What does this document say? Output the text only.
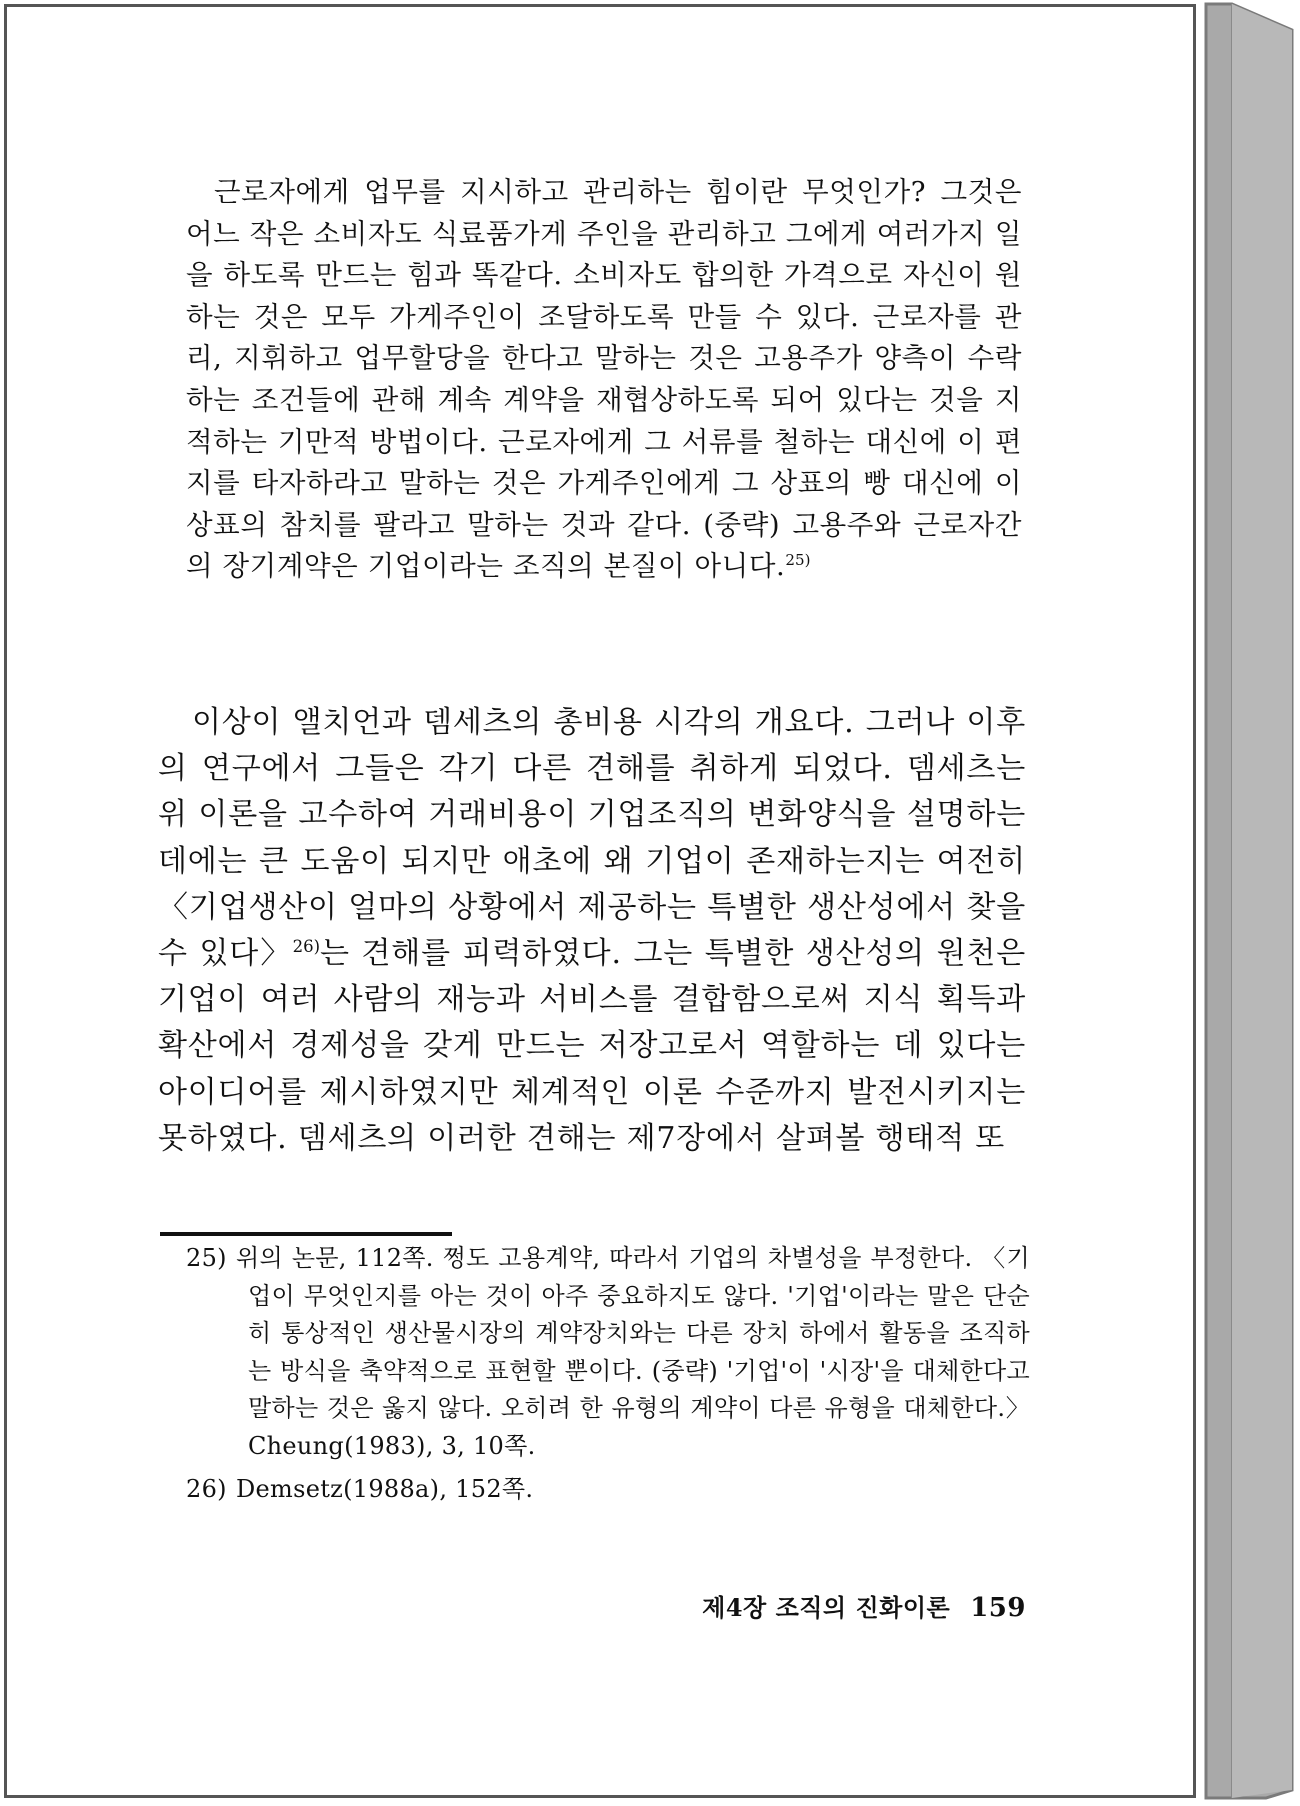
근로자에게 업무를 지시하고 관리하는 힘이란 무엇인가? 그것은 어느 작은 소비자도 식료품가게 주인을 관리하고 그에게 여러가지 일을 하도록 만드는 힘과 똑같다. 소비자도 합의한 가격으로 자신이 원하는 것은 모두 가게주인이 조달하도록 만들 수 있다. 근로자를 관리, 지휘하고 업무할당을 한다고 말하는 것은 고용주가 양측이 수락하는 조건들에 관해 계속 계약을 재협상하도록 되어 있다는 것을 지적하는 기만적 방법이다. 근로자에게 그 서류를 철하는 대신에 이 편지를 타자하라고 말하는 것은 가게주인에게 그 상표의 빵 대신에 이 상표의 참치를 팔라고 말하는 것과 같다. (중략) 고용주와 근로자간의 장기계약은 기업이라는 조직의 본질이 아니다.$^{25)}$

이상이 앨치언과 뎀세츠의 총비용 시각의 개요다. 그러나 이후의 연구에서 그들은 각기 다른 견해를 취하게 되었다. 뎀세츠는 위 이론을 고수하여 거래비용이 기업조직의 변화양식을 설명하는 데에는 큰 도움이 되지만 애초에 왜 기업이 존재하는지는 여전히 〈기업생산이 얼마의 상황에서 제공하는 특별한 생산성에서 찾을 수 있다〉$^{26)}$는 견해를 피력하였다. 그는 특별한 생산성의 원천은 기업이 여러 사람의 재능과 서비스를 결합함으로써 지식 획득과 확산에서 경제성을 갖게 만드는 저장고로서 역할하는 데 있다는 아이디어를 제시하였지만 체계적인 이론 수준까지 발전시키지는 못하였다. 뎀세츠의 이러한 견해는 제7장에서 살펴볼 행태적 또

25) 위의 논문, 112쪽. 쩡도 고용계약, 따라서 기업의 차별성을 부정한다. 〈기업이 무엇인지를 아는 것이 아주 중요하지도 않다. '기업'이라는 말은 단순히 통상적인 생산물시장의 계약장치와는 다른 장치 하에서 활동을 조직하는 방식을 축약적으로 표현할 뿐이다. (중략) '기업'이 '시장'을 대체한다고 말하는 것은 옳지 않다. 오히려 한 유형의 계약이 다른 유형을 대체한다.〉 Cheung(1983), 3, 10쪽.

26) Demsetz(1988a), 152쪽.

제4장 조직의 진화이론 159
